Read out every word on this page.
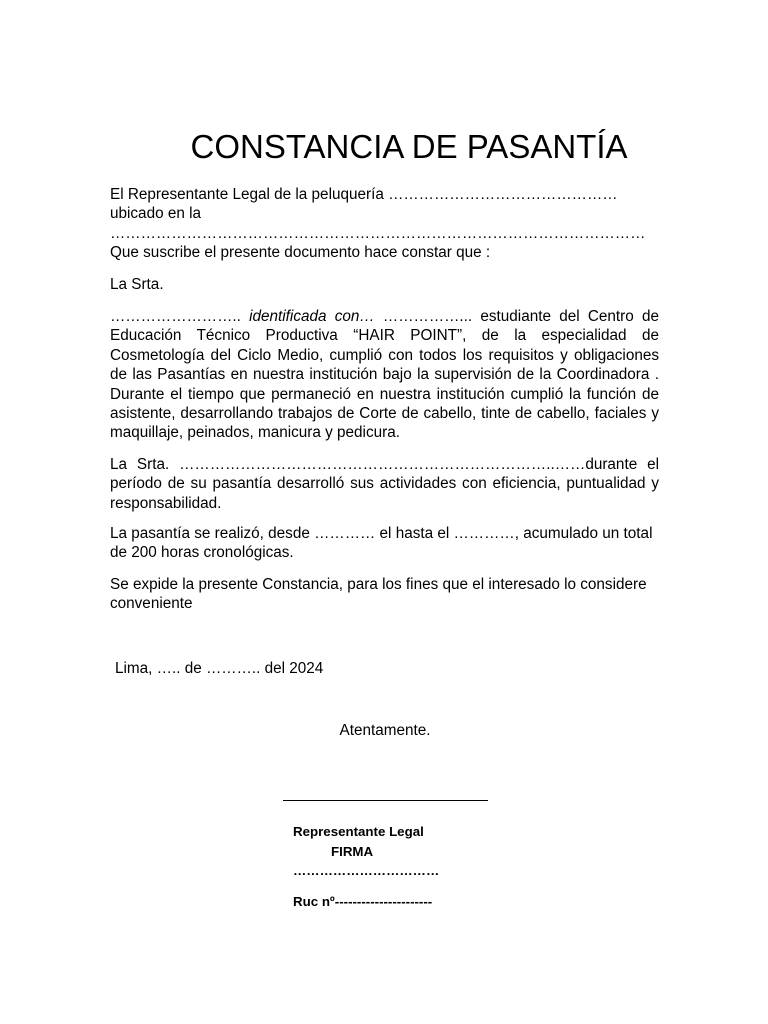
CONSTANCIA DE PASANTÍA
El Representante Legal de la peluquería ………………………………………
ubicado en la
……………………………………………………………………………………………
Que suscribe el presente documento hace constar que :

La Srta.

…………………….. identificada con… ……………... estudiante del Centro de Educación Técnico Productiva “HAIR POINT”, de la especialidad de Cosmetología del Ciclo Medio, cumplió con todos los requisitos y obligaciones de las Pasantías en nuestra institución bajo la supervisión de la Coordinadora . Durante el tiempo que permaneció en nuestra institución cumplió la función de asistente, desarrollando trabajos de Corte de cabello, tinte de cabello, faciales y maquillaje, peinados, manicura y pedicura.

La Srta. ………………………………………………………………..……durante el período de su pasantía desarrolló sus actividades con eficiencia, puntualidad y responsabilidad.

La pasantía se realizó, desde ………… el hasta el …………, acumulado un total de 200 horas cronológicas.

Se expide la presente Constancia, para los fines que el interesado lo considere conveniente

Lima, ….. de ……….. del 2024

Atentamente.
Representante Legal
FIRMA
……………………………
Ruc nº----------------------
